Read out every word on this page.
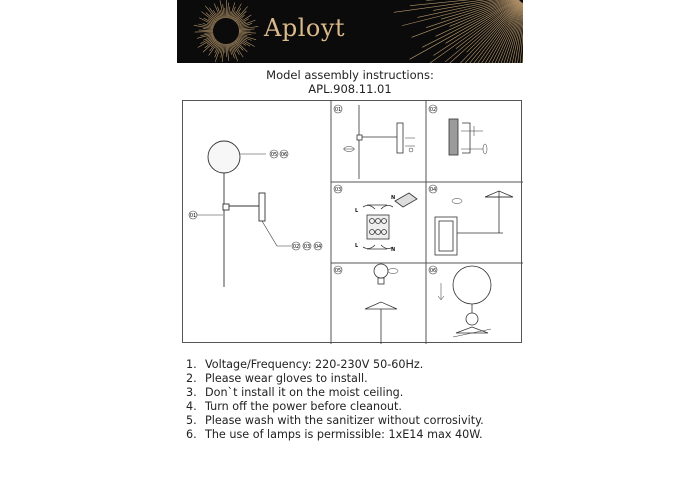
Aployt
Model assembly instructions:
APL.908.11.01
05 06
01
02 03 04
01	02
03	04
05	06
L
N
L
N
1. Voltage/Frequency: 220-230V 50-60Hz.
2. Please wear gloves to install.
3. Don`t install it on the moist ceiling.
4. Turn off the power before cleanout.
5. Please wash with the sanitizer without corrosivity.
6. The use of lamps is permissible: 1xE14 max 40W.
